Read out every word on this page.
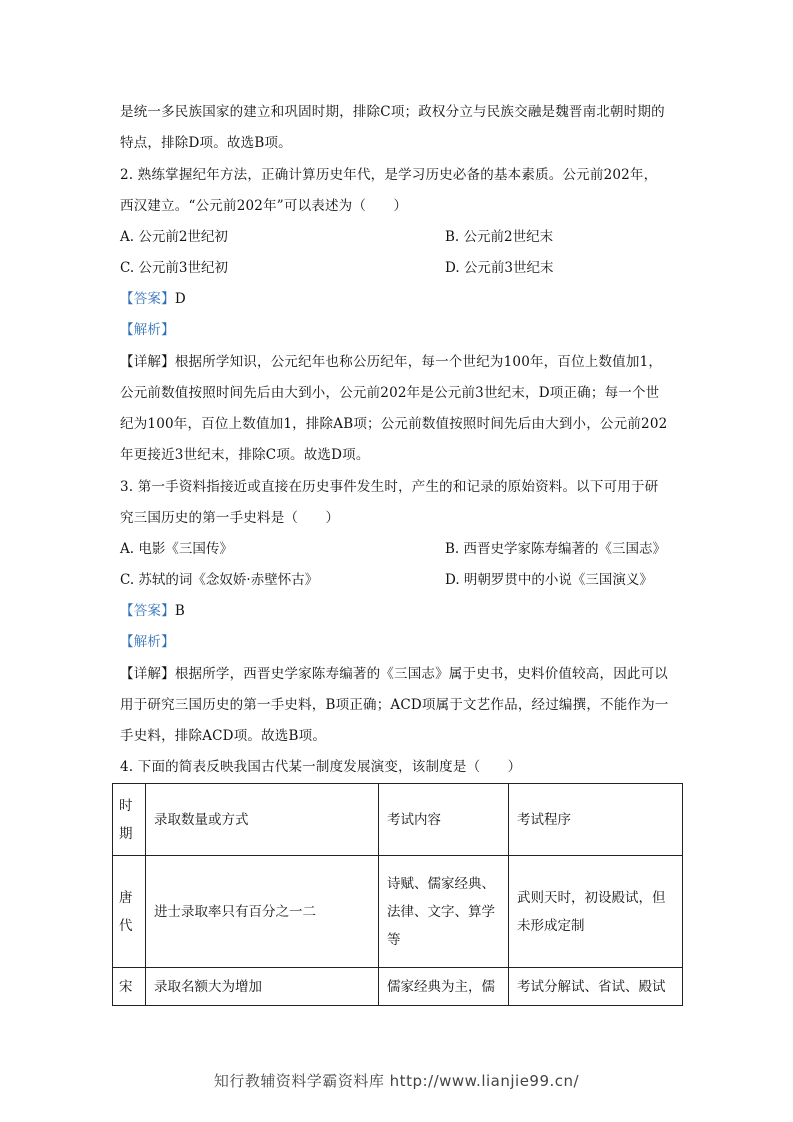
是统一多民族国家的建立和巩固时期，排除C项；政权分立与民族交融是魏晋南北朝时期的
特点，排除D项。故选B项。
2. 熟练掌握纪年方法，正确计算历史年代，是学习历史必备的基本素质。公元前202年，
西汉建立。“公元前202年”可以表述为（　　）
A. 公元前2世纪初	B. 公元前2世纪末
C. 公元前3世纪初	D. 公元前3世纪末
【答案】D
【解析】
【详解】根据所学知识，公元纪年也称公历纪年，每一个世纪为100年，百位上数值加1，
公元前数值按照时间先后由大到小，公元前202年是公元前3世纪末，D项正确；每一个世
纪为100年，百位上数值加1，排除AB项；公元前数值按照时间先后由大到小，公元前202
年更接近3世纪末，排除C项。故选D项。
3. 第一手资料指接近或直接在历史事件发生时，产生的和记录的原始资料。以下可用于研
究三国历史的第一手史料是（　　）
A. 电影《三国传》	B. 西晋史学家陈寿编著的《三国志》
C. 苏轼的词《念奴娇·赤壁怀古》	D. 明朝罗贯中的小说《三国演义》
【答案】B
【解析】
【详解】根据所学，西晋史学家陈寿编著的《三国志》属于史书，史料价值较高，因此可以
用于研究三国历史的第一手史料，B项正确；ACD项属于文艺作品，经过编撰，不能作为一
手史料，排除ACD项。故选B项。
4. 下面的简表反映我国古代某一制度发展演变，该制度是（　　）
时期	录取数量或方式	考试内容	考试程序
唐代	进士录取率只有百分之一二	诗赋、儒家经典、法律、文字、算学等	武则天时，初设殿试，但未形成定制
宋	录取名额大为增加	儒家经典为主，儒	考试分解试、省试、殿试
知行教辅资料学霸资料库 http://www.lianjie99.cn/
